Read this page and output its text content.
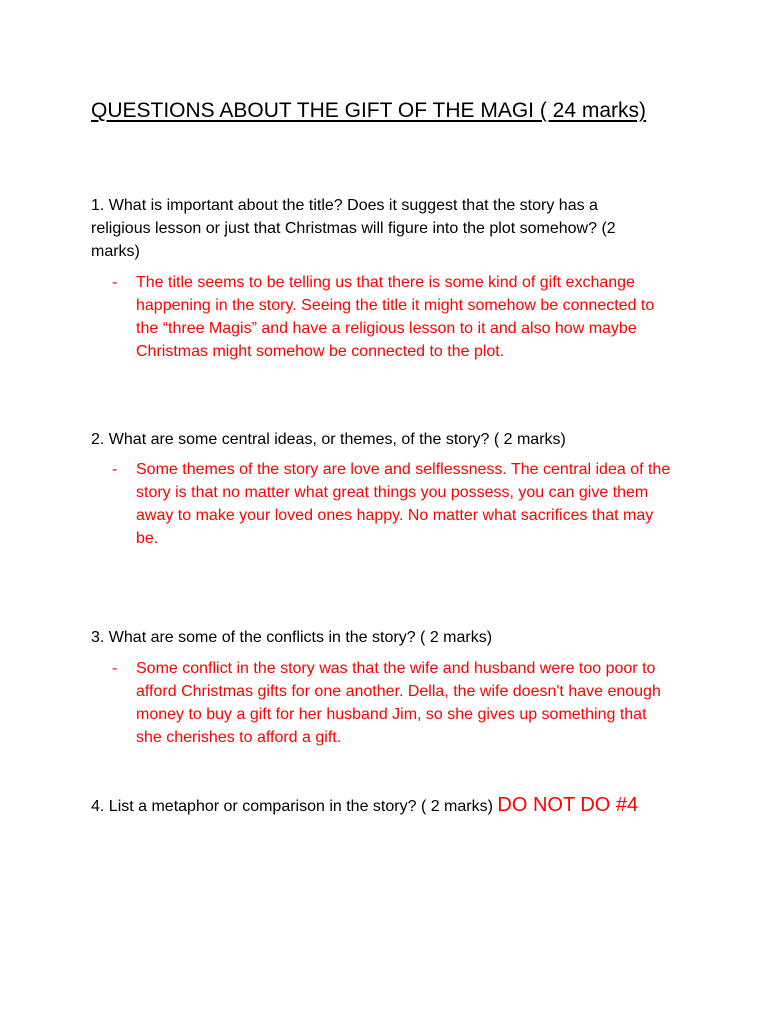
QUESTIONS ABOUT THE GIFT OF THE MAGI ( 24 marks)

1. What is important about the title? Does it suggest that the story has a religious lesson or just that Christmas will figure into the plot somehow? (2 marks)

-	The title seems to be telling us that there is some kind of gift exchange happening in the story. Seeing the title it might somehow be connected to the “three Magis” and have a religious lesson to it and also how maybe Christmas might somehow be connected to the plot.

2. What are some central ideas, or themes, of the story? ( 2 marks)

-	Some themes of the story are love and selflessness. The central idea of the story is that no matter what great things you possess, you can give them away to make your loved ones happy. No matter what sacrifices that may be.

3. What are some of the conflicts in the story? ( 2 marks)

-	Some conflict in the story was that the wife and husband were too poor to afford Christmas gifts for one another. Della, the wife doesn't have enough money to buy a gift for her husband Jim, so she gives up something that she cherishes to afford a gift.

4. List a metaphor or comparison in the story? ( 2 marks) DO NOT DO #4
